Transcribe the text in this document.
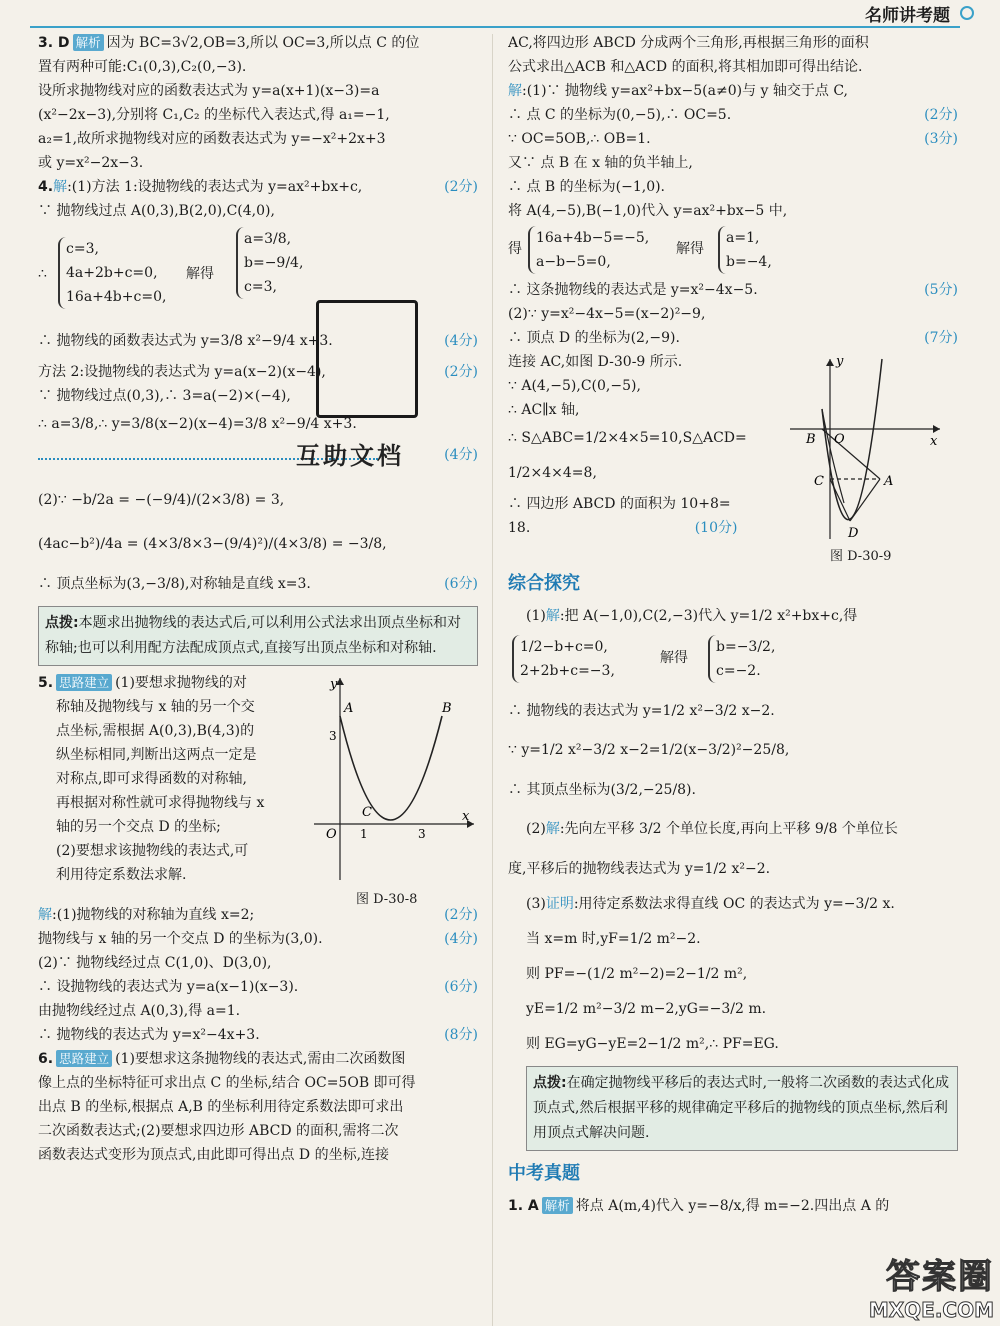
名师讲考题
3. D 解析 因为 BC=3√2,OB=3,所以 OC=3,所以点 C 的位
置有两种可能:C₁(0,3),C₂(0,−3).
设所求抛物线对应的函数表达式为 y=a(x+1)(x−3)=a
(x²−2x−3),分别将 C₁,C₂ 的坐标代入表达式,得 a₁=−1,
a₂=1,故所求抛物线对应的函数表达式为 y=−x²+2x+3
或 y=x²−2x−3.
4.解:(1)方法 1:设抛物线的表达式为 y=ax²+bx+c,	(2分)
∵ 抛物线过点 A(0,3),B(2,0),C(4,0),
∴
c=3,
4a+2b+c=0,
16a+4b+c=0,
解得
a=3/8,
b=−9/4,
c=3,
∴ 抛物线的函数表达式为 y=3/8 x²−9/4 x+3.	(4分)
方法 2:设抛物线的表达式为 y=a(x−2)(x−4),	(2分)
∵ 抛物线过点(0,3),∴ 3=a(−2)×(−4),
∴ a=3/8,∴ y=3/8(x−2)(x−4)=3/8 x²−9/4 x+3.
(4分)
(2)∵ −b/2a = −(−9/4)/(2×3/8) = 3,
(4ac−b²)/4a = (4×3/8×3−(9/4)²)/(4×3/8) = −3/8,
∴ 顶点坐标为(3,−3/8),对称轴是直线 x=3.	(6分)
点拨:本题求出抛物线的表达式后,可以利用公式法求出顶点坐标和对称轴;也可以利用配方法配成顶点式,直接写出顶点坐标和对称轴.
5. 思路建立 (1)要想求抛物线的对
称轴及抛物线与 x 轴的另一个交
点坐标,需根据 A(0,3),B(4,3)的
纵坐标相同,判断出这两点一定是
对称点,即可求得函数的对称轴,
再根据对称性就可求得抛物线与 x
轴的另一个交点 D 的坐标;
(2)要想求该抛物线的表达式,可
利用待定系数法求解.
y
x
A	B
C
O
3
1	3
图 D-30-8
解:(1)抛物线的对称轴为直线 x=2;	(2分)
抛物线与 x 轴的另一个交点 D 的坐标为(3,0).	(4分)
(2)∵ 抛物线经过点 C(1,0)、D(3,0),
∴ 设抛物线的表达式为 y=a(x−1)(x−3).	(6分)
由抛物线经过点 A(0,3),得 a=1.
∴ 抛物线的表达式为 y=x²−4x+3.	(8分)
6. 思路建立 (1)要想求这条抛物线的表达式,需由二次函数图
像上点的坐标特征可求出点 C 的坐标,结合 OC=5OB 即可得
出点 B 的坐标,根据点 A,B 的坐标利用待定系数法即可求出
二次函数表达式;(2)要想求四边形 ABCD 的面积,需将二次
函数表达式变形为顶点式,由此即可得出点 D 的坐标,连接
互助文档
AC,将四边形 ABCD 分成两个三角形,再根据三角形的面积
公式求出△ACB 和△ACD 的面积,将其相加即可得出结论.
解:(1)∵ 抛物线 y=ax²+bx−5(a≠0)与 y 轴交于点 C,
∴ 点 C 的坐标为(0,−5),∴ OC=5.	(2分)
∵ OC=5OB,∴ OB=1.	(3分)
又∵ 点 B 在 x 轴的负半轴上,
∴ 点 B 的坐标为(−1,0).
将 A(4,−5),B(−1,0)代入 y=ax²+bx−5 中,
得
16a+4b−5=−5,
a−b−5=0,
解得
a=1,
b=−4,
∴ 这条抛物线的表达式是 y=x²−4x−5.	(5分)
(2)∵ y=x²−4x−5=(x−2)²−9,
∴ 顶点 D 的坐标为(2,−9).	(7分)
连接 AC,如图 D-30-9 所示.
∵ A(4,−5),C(0,−5),
∴ AC∥x 轴,
∴ S△ABC=1/2×4×5=10,S△ACD=
1/2×4×4=8,
∴ 四边形 ABCD 的面积为 10+8=
18.	(10分)
y
x
O
B
C	A
D
图 D-30-9
综合探究
(1)解:把 A(−1,0),C(2,−3)代入 y=1/2 x²+bx+c,得
1/2−b+c=0,
2+2b+c=−3,
解得
b=−3/2,
c=−2.
∴ 抛物线的表达式为 y=1/2 x²−3/2 x−2.
∵ y=1/2 x²−3/2 x−2=1/2(x−3/2)²−25/8,
∴ 其顶点坐标为(3/2,−25/8).
(2)解:先向左平移 3/2 个单位长度,再向上平移 9/8 个单位长
度,平移后的抛物线表达式为 y=1/2 x²−2.
(3)证明:用待定系数法求得直线 OC 的表达式为 y=−3/2 x.
当 x=m 时,yF=1/2 m²−2.
则 PF=−(1/2 m²−2)=2−1/2 m²,
yE=1/2 m²−3/2 m−2,yG=−3/2 m.
则 EG=yG−yE=2−1/2 m²,∴ PF=EG.
点拨:在确定抛物线平移后的表达式时,一般将二次函数的表达式化成顶点式,然后根据平移的规律确定平移后的抛物线的顶点坐标,然后利用顶点式解决问题.
中考真题
1. A 解析 将点 A(m,4)代入 y=−8/x,得 m=−2.四出点 A 的
答案圈
MXQE.COM
